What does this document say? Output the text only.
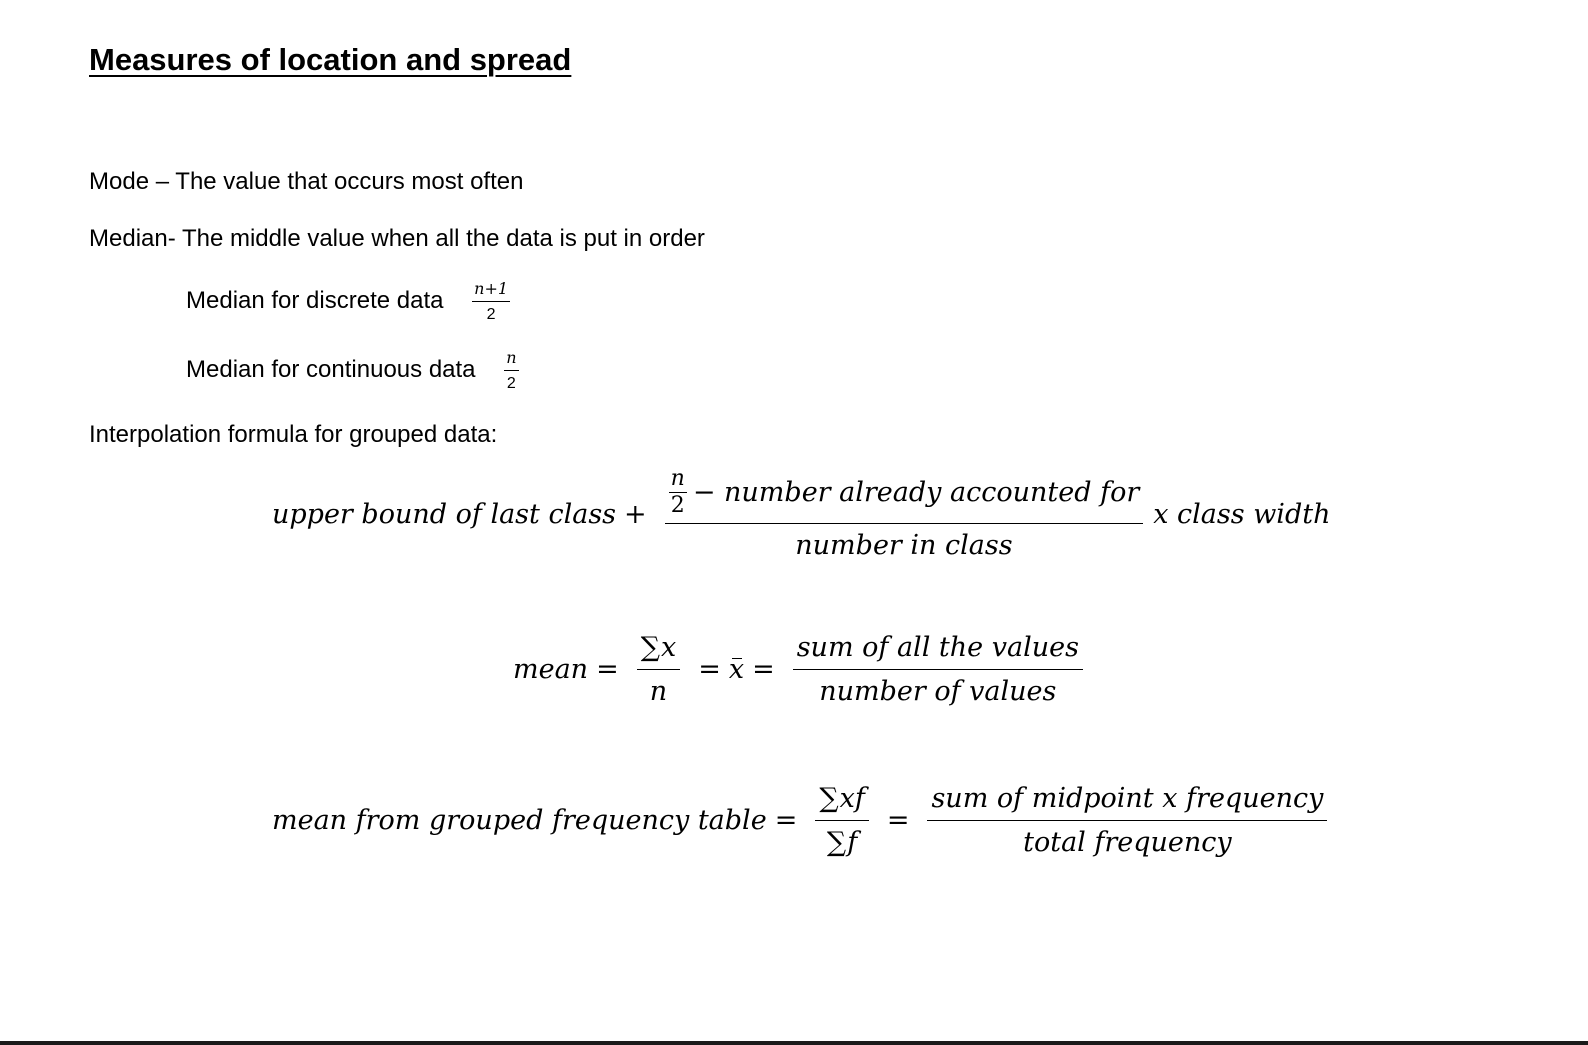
Measures of location and spread
Mode – The value that occurs most often
Median- The middle value when all the data is put in order
Median for discrete data $\frac{n+1}{2}$
Median for continuous data $\frac{n}{2}$
Interpolation formula for grouped data:
upper bound of last class + $\frac{n}{2}$ − number already accounted for
number in class
x class width
mean = $\frac{\sum x}{n} = x = \frac{\text{sum of all the values}}{\text{number of values}}$
mean from grouped frequency table = $\frac{\sum xf}{\sum f} = \frac{\text{sum of midpoint x frequency}}{\text{total frequency}}$
